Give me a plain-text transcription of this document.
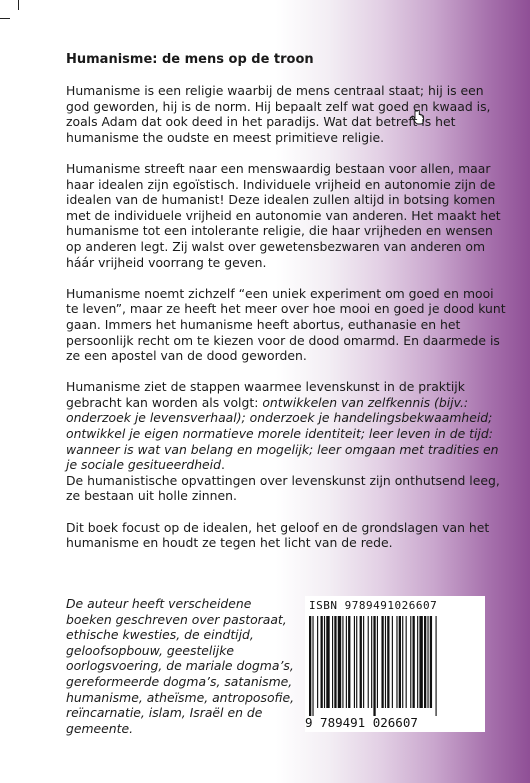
Humanisme: de mens op de troon

Humanisme is een religie waarbij de mens centraal staat; hij is een god geworden, hij is de norm. Hij bepaalt zelf wat goed en kwaad is, zoals Adam dat ook deed in het paradijs. Wat dat betreft is het humanisme the oudste en meest primitieve religie.

Humanisme streeft naar een menswaardig bestaan voor allen, maar haar idealen zijn egoïstisch. Individuele vrijheid en autonomie zijn de idealen van de humanist! Deze idealen zullen altijd in botsing komen met de individuele vrijheid en autonomie van anderen. Het maakt het humanisme tot een intolerante religie, die haar vrijheden en wensen op anderen legt. Zij walst over gewetensbezwaren van anderen om háár vrijheid voorrang te geven.

Humanisme noemt zichzelf “een uniek experiment om goed en mooi te leven”, maar ze heeft het meer over hoe mooi en goed je dood kunt gaan. Immers het humanisme heeft abortus, euthanasie en het persoonlijk recht om te kiezen voor de dood omarmd. En daarmede is ze een apostel van de dood geworden.

Humanisme ziet de stappen waarmee levenskunst in de praktijk gebracht kan worden als volgt: ontwikkelen van zelfkennis (bijv.: onderzoek je levensverhaal); onderzoek je handelingsbekwaamheid; ontwikkel je eigen normatieve morele identiteit; leer leven in de tijd: wanneer is wat van belang en mogelijk; leer omgaan met tradities en je sociale gesitueerdheid.

De humanistische opvattingen over levenskunst zijn onthutsend leeg, ze bestaan uit holle zinnen.

Dit boek focust op de idealen, het geloof en de grondslagen van het humanisme en houdt ze tegen het licht van de rede.

De auteur heeft verscheidene boeken geschreven over pastoraat, ethische kwesties, de eindtijd, geloofsopbouw, geestelijke oorlogsvoering, de mariale dogma’s, gereformeerde dogma’s, satanisme, humanisme, atheïsme, antroposofie, reïncarnatie, islam, Israël en de gemeente.

ISBN 9789491026607
9 789491 026607
